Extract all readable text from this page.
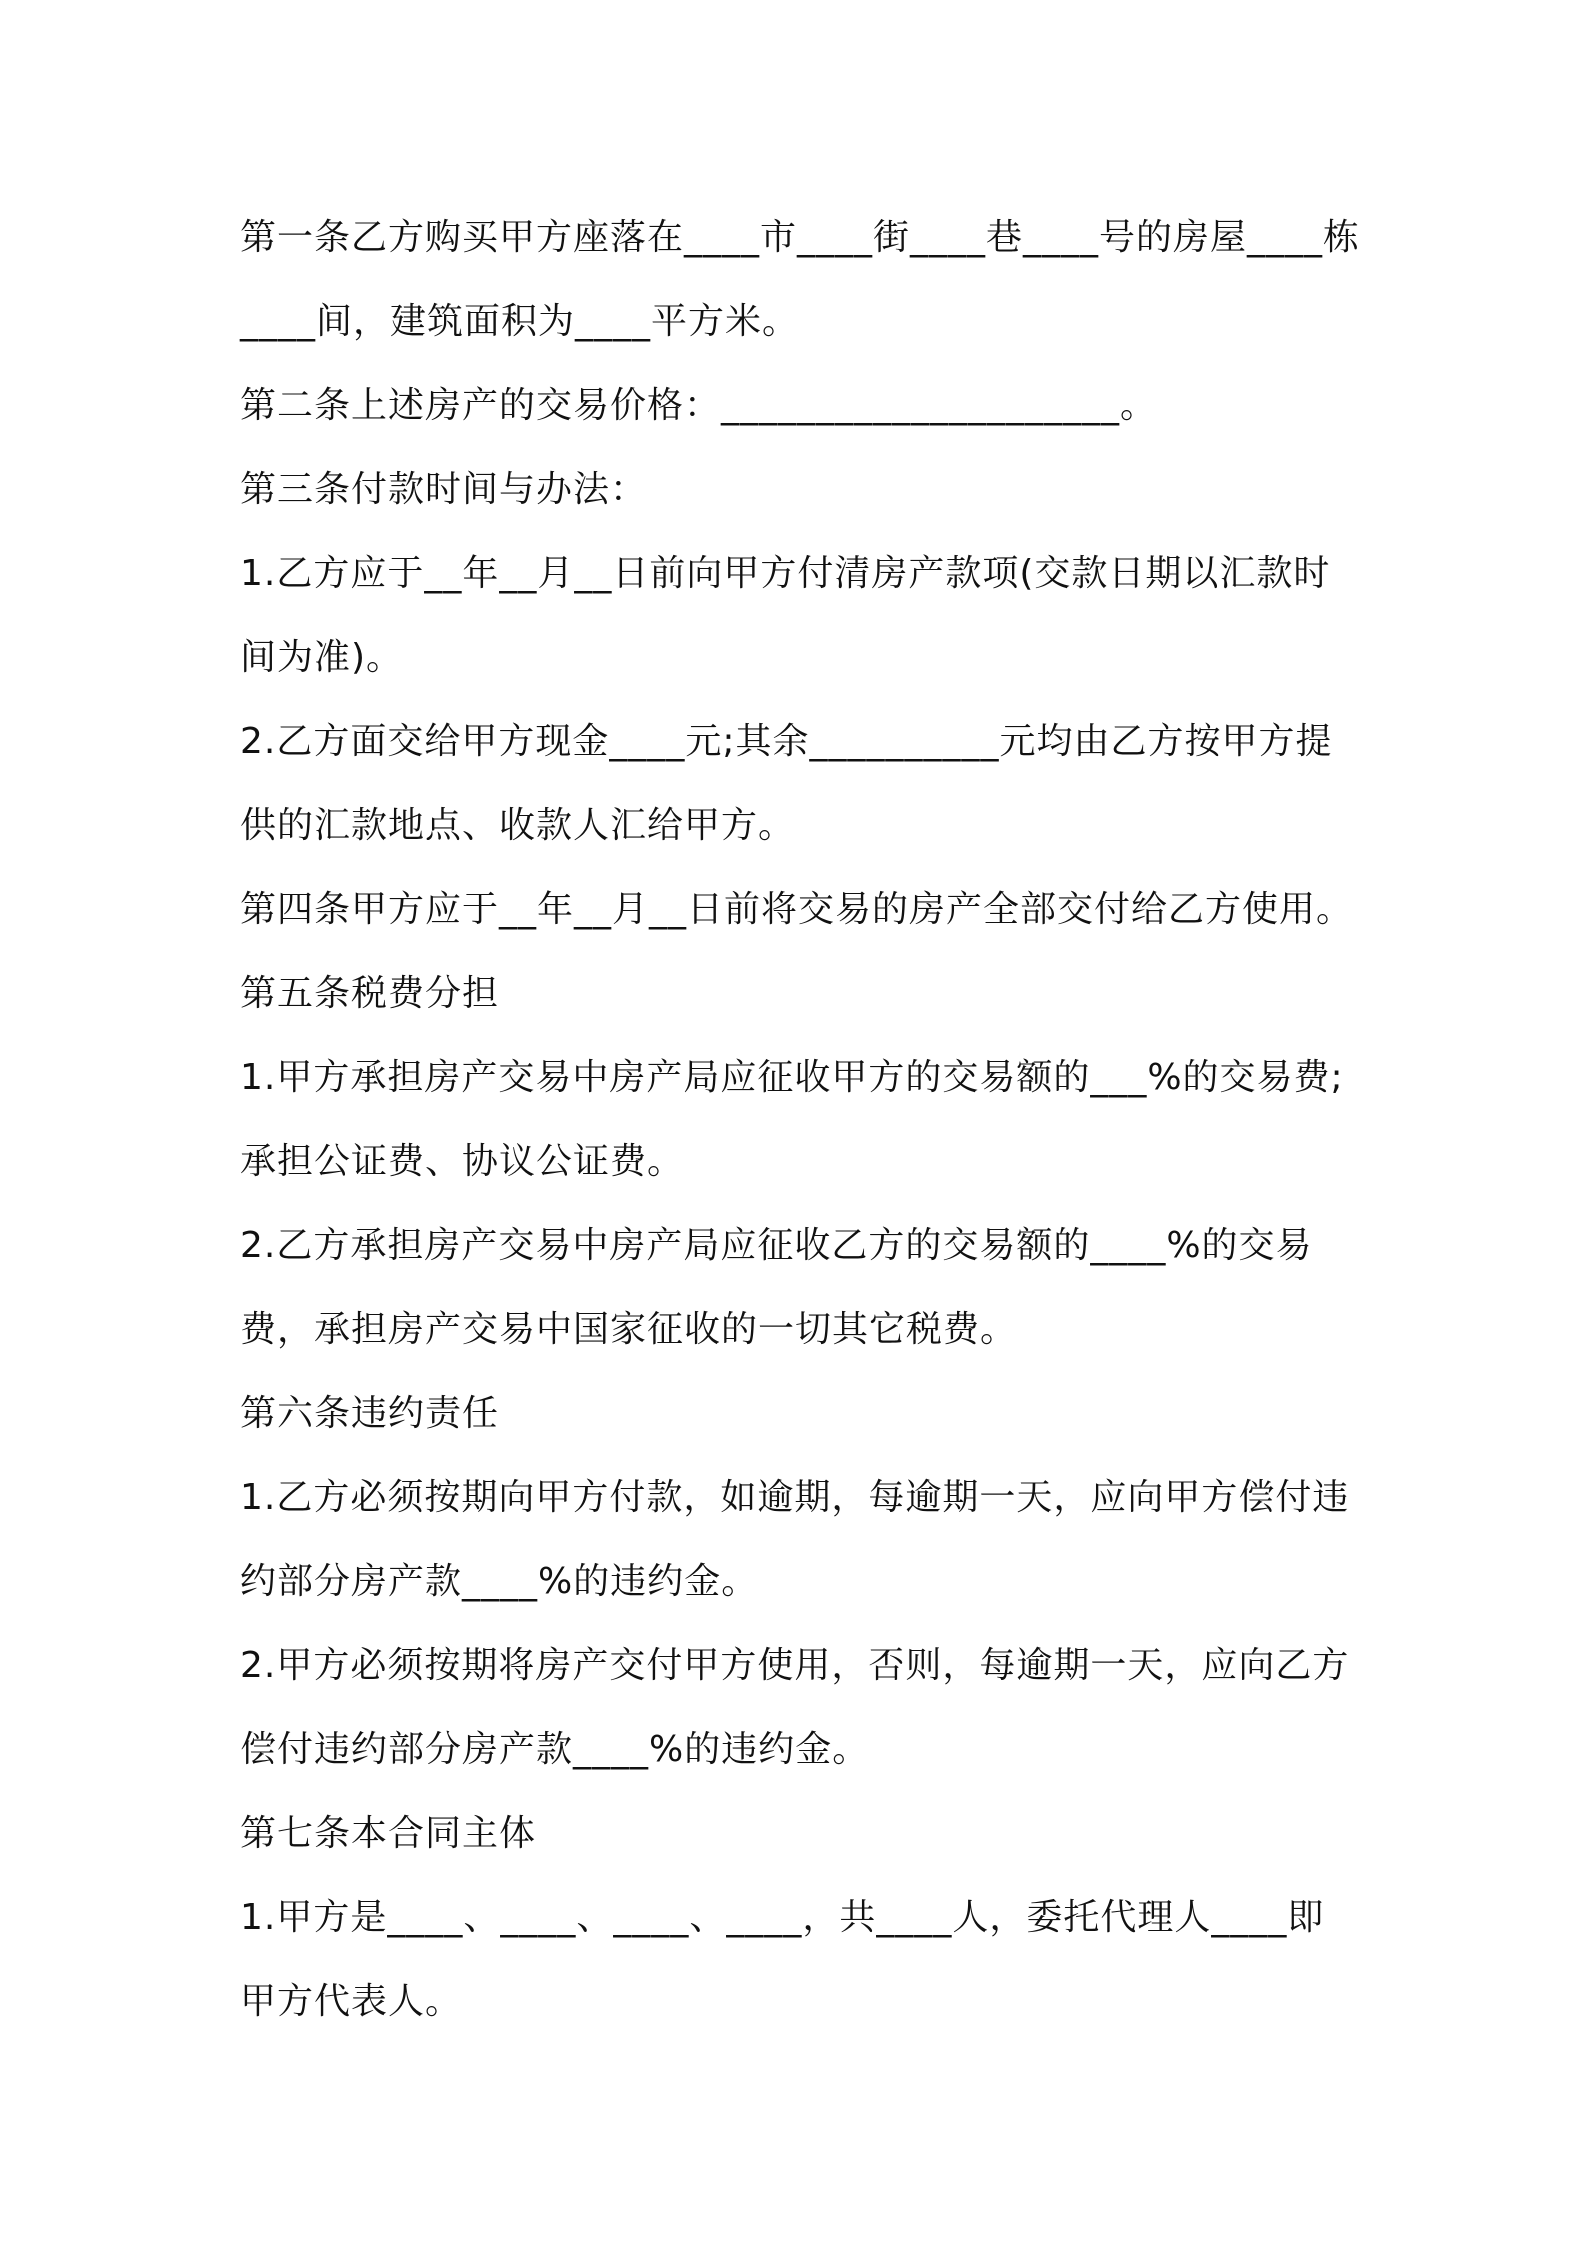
第一条乙方购买甲方座落在____市____街____巷____号的房屋____栋____间，建筑面积为____平方米。

第二条上述房产的交易价格：_____________________。

第三条付款时间与办法：

1.乙方应于__年__月__日前向甲方付清房产款项(交款日期以汇款时间为准)。

2.乙方面交给甲方现金____元;其余__________元均由乙方按甲方提供的汇款地点、收款人汇给甲方。

第四条甲方应于__年__月__日前将交易的房产全部交付给乙方使用。

第五条税费分担

1.甲方承担房产交易中房产局应征收甲方的交易额的___%的交易费;承担公证费、协议公证费。

2.乙方承担房产交易中房产局应征收乙方的交易额的____%的交易费，承担房产交易中国家征收的一切其它税费。

第六条违约责任

1.乙方必须按期向甲方付款，如逾期，每逾期一天，应向甲方偿付违约部分房产款____%的违约金。

2.甲方必须按期将房产交付甲方使用，否则，每逾期一天，应向乙方偿付违约部分房产款____%的违约金。

第七条本合同主体

1.甲方是____、____、____、____，共____人，委托代理人____即甲方代表人。
